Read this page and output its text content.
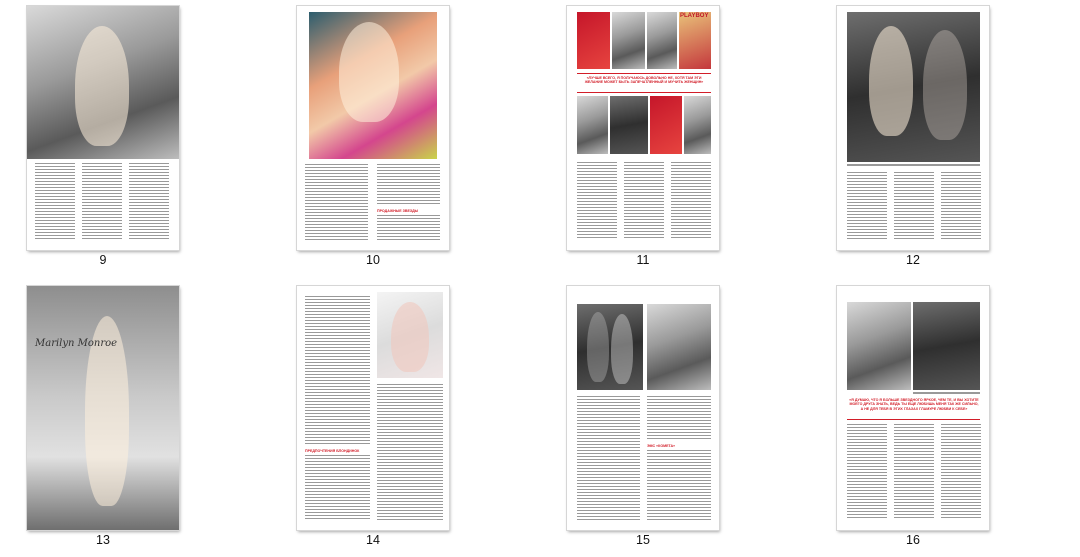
9
ПРОДАЖНЫЕ ЗВЕЗДЫ
10
PLAYBOY
«ЛУЧШЕ ВСЕГО, Я ПОЛУЧАЮСЬ ДОВОЛЬНО НЕ, ХОТЯ ТАМ ЭТИ ЖЕЛАНИЕ МОЖЕТ БЫТЬ ЗАПЕЧАТЛЕННЫЙ И МУЧИТЬ ЖЕНЩИН»
11	12
Marilyn Monroe
13
ПРЕДПОЧТЕНИЯ БЛОНДИНОК
14
ЭМС «КОМЕТА»
15
«Я ДУМАЮ, ЧТО Я БОЛЬШЕ ЗВЕЗДНОГО ЯРКОЕ, ЧЕМ ТЕ, И ВЫ ХОТИТЕ МОЕГО ДРУГА ЗНАТЬ, ВЕДЬ ТЫ ЕЩЕ ЛЮБИШЬ МЕНЯ ТАК ЖЕ СИЛЬНО, А НЕ ДЛЯ ТЕБЯ В ЭТИХ ГЛАЗАХ ГЛАМУРЕ ЛЮБВИ К СЕБЕ»
16
